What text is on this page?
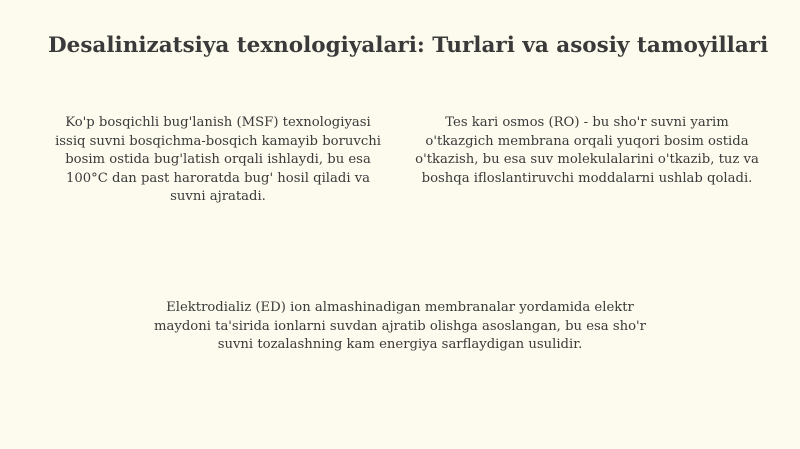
Desalinizatsiya texnologiyalari: Turlari va asosiy tamoyillari

Ko'p bosqichli bug'lanish (MSF) texnologiyasi issiq suvni bosqichma-bosqich kamayib boruvchi bosim ostida bug'latish orqali ishlaydi, bu esa 100°C dan past haroratda bug' hosil qiladi va suvni ajratadi.

Tes kari osmos (RO) - bu sho'r suvni yarim o'tkazgich membrana orqali yuqori bosim ostida o'tkazish, bu esa suv molekulalarini o'tkazib, tuz va boshqa ifloslantiruvchi moddalarni ushlab qoladi.

Elektrodializ (ED) ion almashinadigan membranalar yordamida elektr maydoni ta'sirida ionlarni suvdan ajratib olishga asoslangan, bu esa sho'r suvni tozalashning kam energiya sarflaydigan usulidir.
